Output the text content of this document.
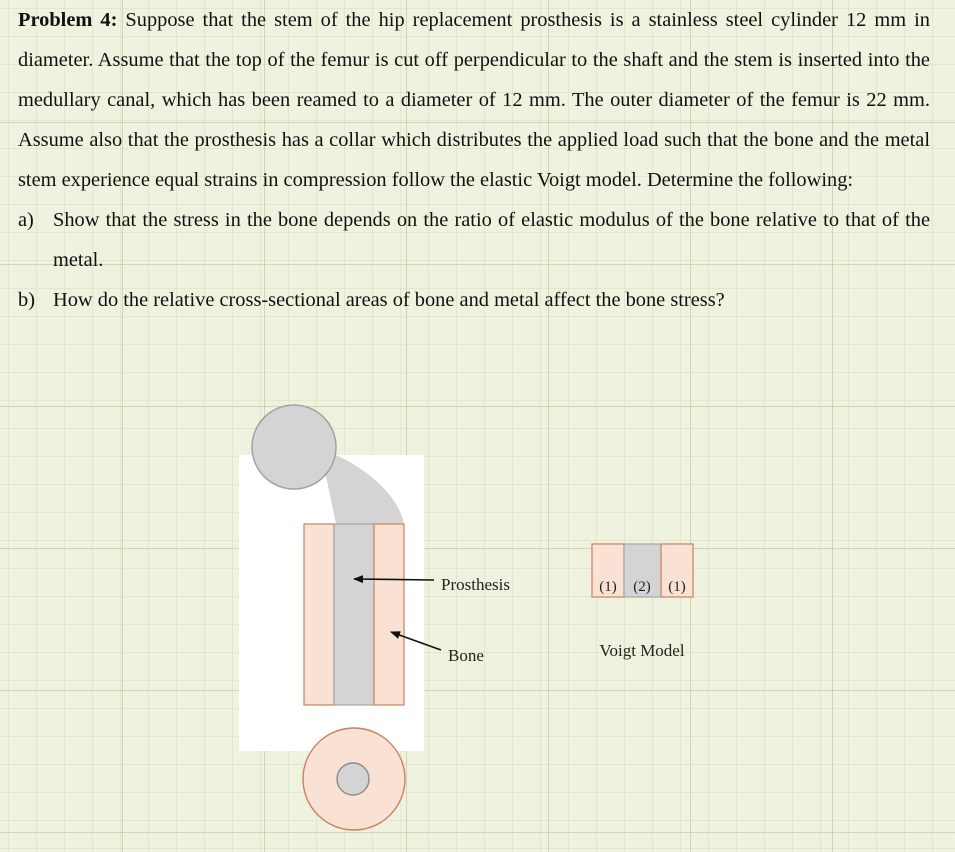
Problem 4: Suppose that the stem of the hip replacement prosthesis is a stainless steel cylinder 12 mm in diameter. Assume that the top of the femur is cut off perpendicular to the shaft and the stem is inserted into the medullary canal, which has been reamed to a diameter of 12 mm. The outer diameter of the femur is 22 mm. Assume also that the prosthesis has a collar which distributes the applied load such that the bone and the metal stem experience equal strains in compression follow the elastic Voigt model. Determine the following:

a) Show that the stress in the bone depends on the ratio of elastic modulus of the bone relative to that of the metal.
b) How do the relative cross-sectional areas of bone and metal affect the bone stress?
Prosthesis
Bone
(1) (2) (1)
Voigt Model
